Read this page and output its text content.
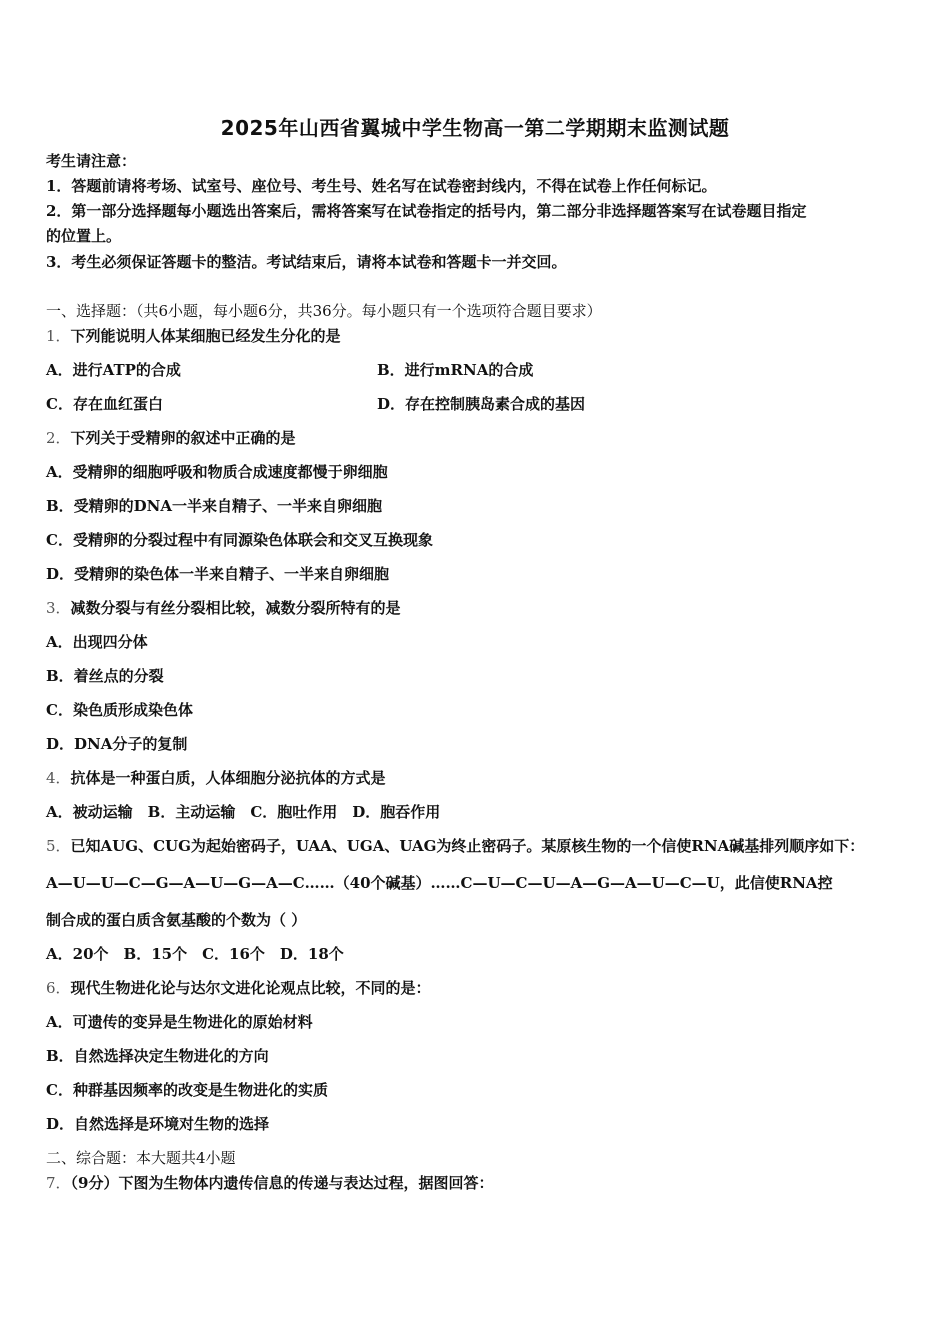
2025年山西省翼城中学生物高一第二学期期末监测试题
考生请注意：
1．答题前请将考场、试室号、座位号、考生号、姓名写在试卷密封线内，不得在试卷上作任何标记。
2．第一部分选择题每小题选出答案后，需将答案写在试卷指定的括号内，第二部分非选择题答案写在试卷题目指定
的位置上。
3．考生必须保证答题卡的整洁。考试结束后，请将本试卷和答题卡一并交回。
一、选择题：（共6小题，每小题6分，共36分。每小题只有一个选项符合题目要求）
1．下列能说明人体某细胞已经发生分化的是
A．进行ATP的合成	B．进行mRNA的合成
C．存在血红蛋白	D．存在控制胰岛素合成的基因
2．下列关于受精卵的叙述中正确的是
A．受精卵的细胞呼吸和物质合成速度都慢于卵细胞
B．受精卵的DNA一半来自精子、一半来自卵细胞
C．受精卵的分裂过程中有同源染色体联会和交叉互换现象
D．受精卵的染色体一半来自精子、一半来自卵细胞
3．减数分裂与有丝分裂相比较，减数分裂所特有的是
A．出现四分体
B．着丝点的分裂
C．染色质形成染色体
D．DNA分子的复制
4．抗体是一种蛋白质，人体细胞分泌抗体的方式是
A．被动运输　B．主动运输　C．胞吐作用　D．胞吞作用
5．已知AUG、CUG为起始密码子，UAA、UGA、UAG为终止密码子。某原核生物的一个信使RNA碱基排列顺序如下：
A—U—U—C—G—A—U—G—A—C……（40个碱基）……C—U—C—U—A—G—A—U—C—U，此信使RNA控
制合成的蛋白质含氨基酸的个数为（ ）
A．20个　B．15个　C．16个　D．18个
6．现代生物进化论与达尔文进化论观点比较，不同的是：
A．可遗传的变异是生物进化的原始材料
B．自然选择决定生物进化的方向
C．种群基因频率的改变是生物进化的实质
D．自然选择是环境对生物的选择
二、综合题：本大题共4小题
7．（9分）下图为生物体内遗传信息的传递与表达过程，据图回答：
